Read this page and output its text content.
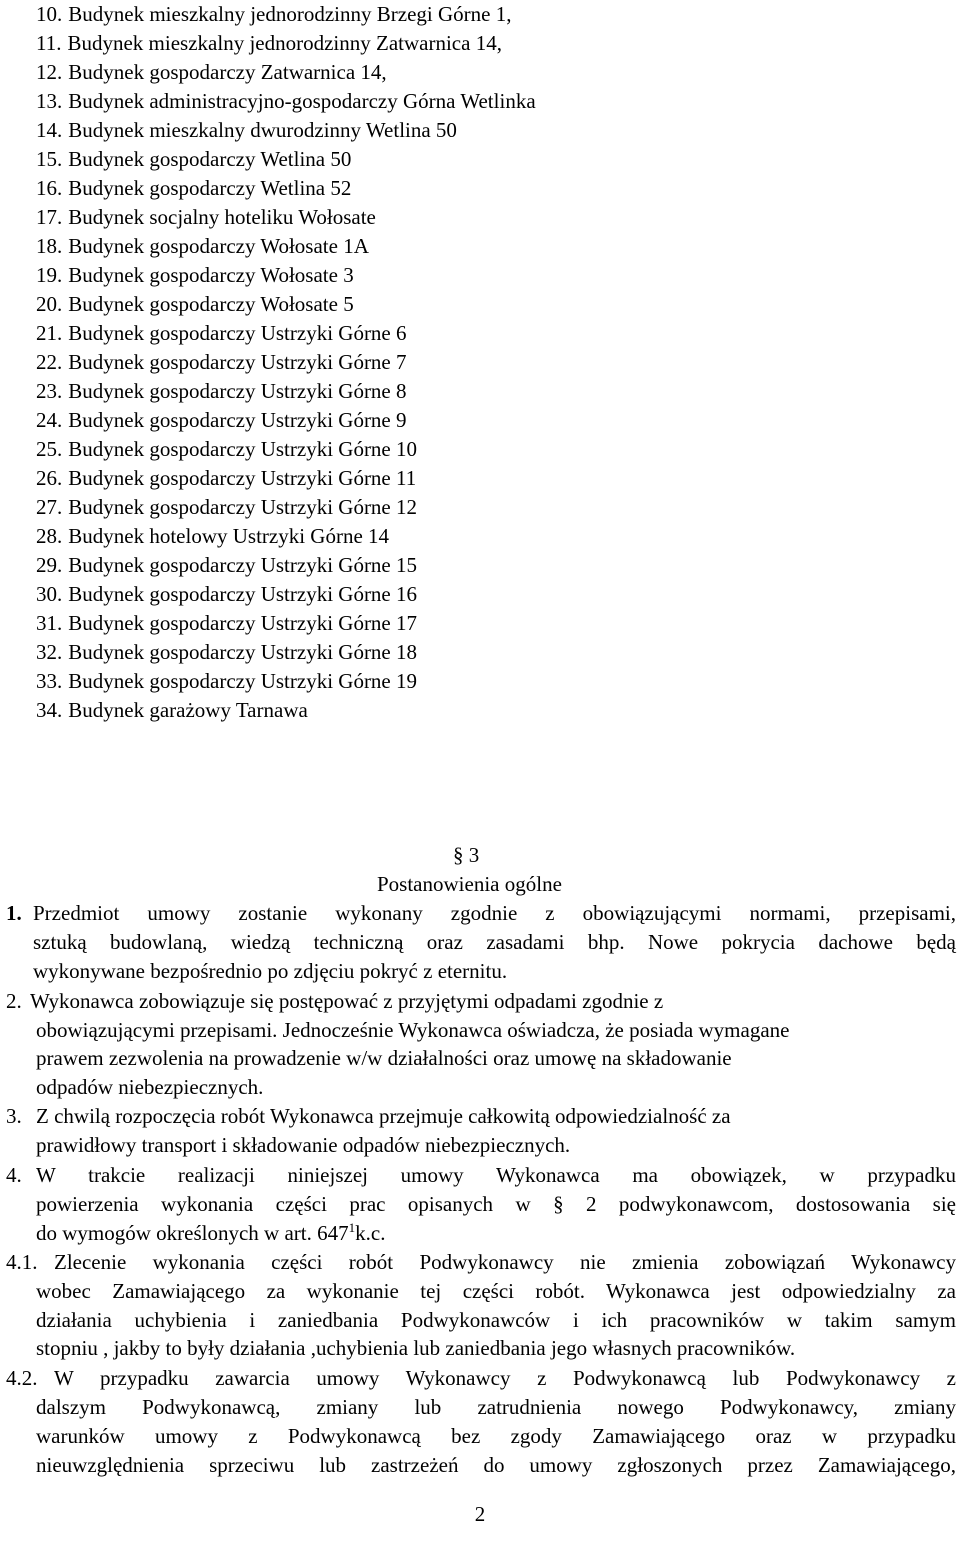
10. Budynek mieszkalny jednorodzinny Brzegi Górne 1,
11. Budynek mieszkalny jednorodzinny Zatwarnica 14,
12. Budynek gospodarczy Zatwarnica 14,
13. Budynek administracyjno-gospodarczy Górna Wetlinka
14. Budynek mieszkalny dwurodzinny Wetlina 50
15. Budynek gospodarczy Wetlina 50
16. Budynek gospodarczy Wetlina 52
17. Budynek socjalny hoteliku Wołosate
18. Budynek gospodarczy Wołosate 1A
19. Budynek gospodarczy Wołosate 3
20. Budynek gospodarczy Wołosate 5
21. Budynek gospodarczy Ustrzyki Górne 6
22. Budynek gospodarczy Ustrzyki Górne 7
23. Budynek gospodarczy Ustrzyki Górne 8
24. Budynek gospodarczy Ustrzyki Górne 9
25. Budynek gospodarczy Ustrzyki Górne 10
26. Budynek gospodarczy Ustrzyki Górne 11
27. Budynek gospodarczy Ustrzyki Górne 12
28. Budynek hotelowy Ustrzyki Górne 14
29. Budynek gospodarczy Ustrzyki Górne 15
30. Budynek gospodarczy Ustrzyki Górne 16
31. Budynek gospodarczy Ustrzyki Górne 17
32. Budynek gospodarczy Ustrzyki Górne 18
33. Budynek gospodarczy Ustrzyki Górne 19
34. Budynek garażowy Tarnawa
§ 3
Postanowienia ogólne
1. Przedmiot umowy zostanie wykonany zgodnie z obowiązującymi normami, przepisami,
sztuką budowlaną, wiedzą techniczną oraz zasadami bhp. Nowe pokrycia dachowe będą
wykonywane bezpośrednio po zdjęciu pokryć z eternitu.
2. Wykonawca zobowiązuje się postępować z przyjętymi odpadami zgodnie z
obowiązującymi przepisami. Jednocześnie Wykonawca oświadcza, że posiada wymagane
prawem zezwolenia na prowadzenie w/w działalności oraz umowę na składowanie
odpadów niebezpiecznych.
3. Z chwilą rozpoczęcia robót Wykonawca przejmuje całkowitą odpowiedzialność za
prawidłowy transport i składowanie odpadów niebezpiecznych.
4. W trakcie realizacji niniejszej umowy Wykonawca ma obowiązek, w przypadku
powierzenia wykonania części prac opisanych w § 2 podwykonawcom, dostosowania się
do wymogów określonych w art. $647^1k.c$.
4.1. Zlecenie wykonania części robót Podwykonawcy nie zmienia zobowiązań Wykonawcy
wobec Zamawiającego za wykonanie tej części robót. Wykonawca jest odpowiedzialny za
działania uchybienia i zaniedbania Podwykonawców i ich pracowników w takim samym
stopniu , jakby to były działania ,uchybienia lub zaniedbania jego własnych pracowników.
4.2. W przypadku zawarcia umowy Wykonawcy z Podwykonawcą lub Podwykonawcy z
dalszym Podwykonawcą, zmiany lub zatrudnienia nowego Podwykonawcy, zmiany
warunków umowy z Podwykonawcą bez zgody Zamawiającego oraz w przypadku
nieuwzględnienia sprzeciwu lub zastrzeżeń do umowy zgłoszonych przez Zamawiającego,
2
